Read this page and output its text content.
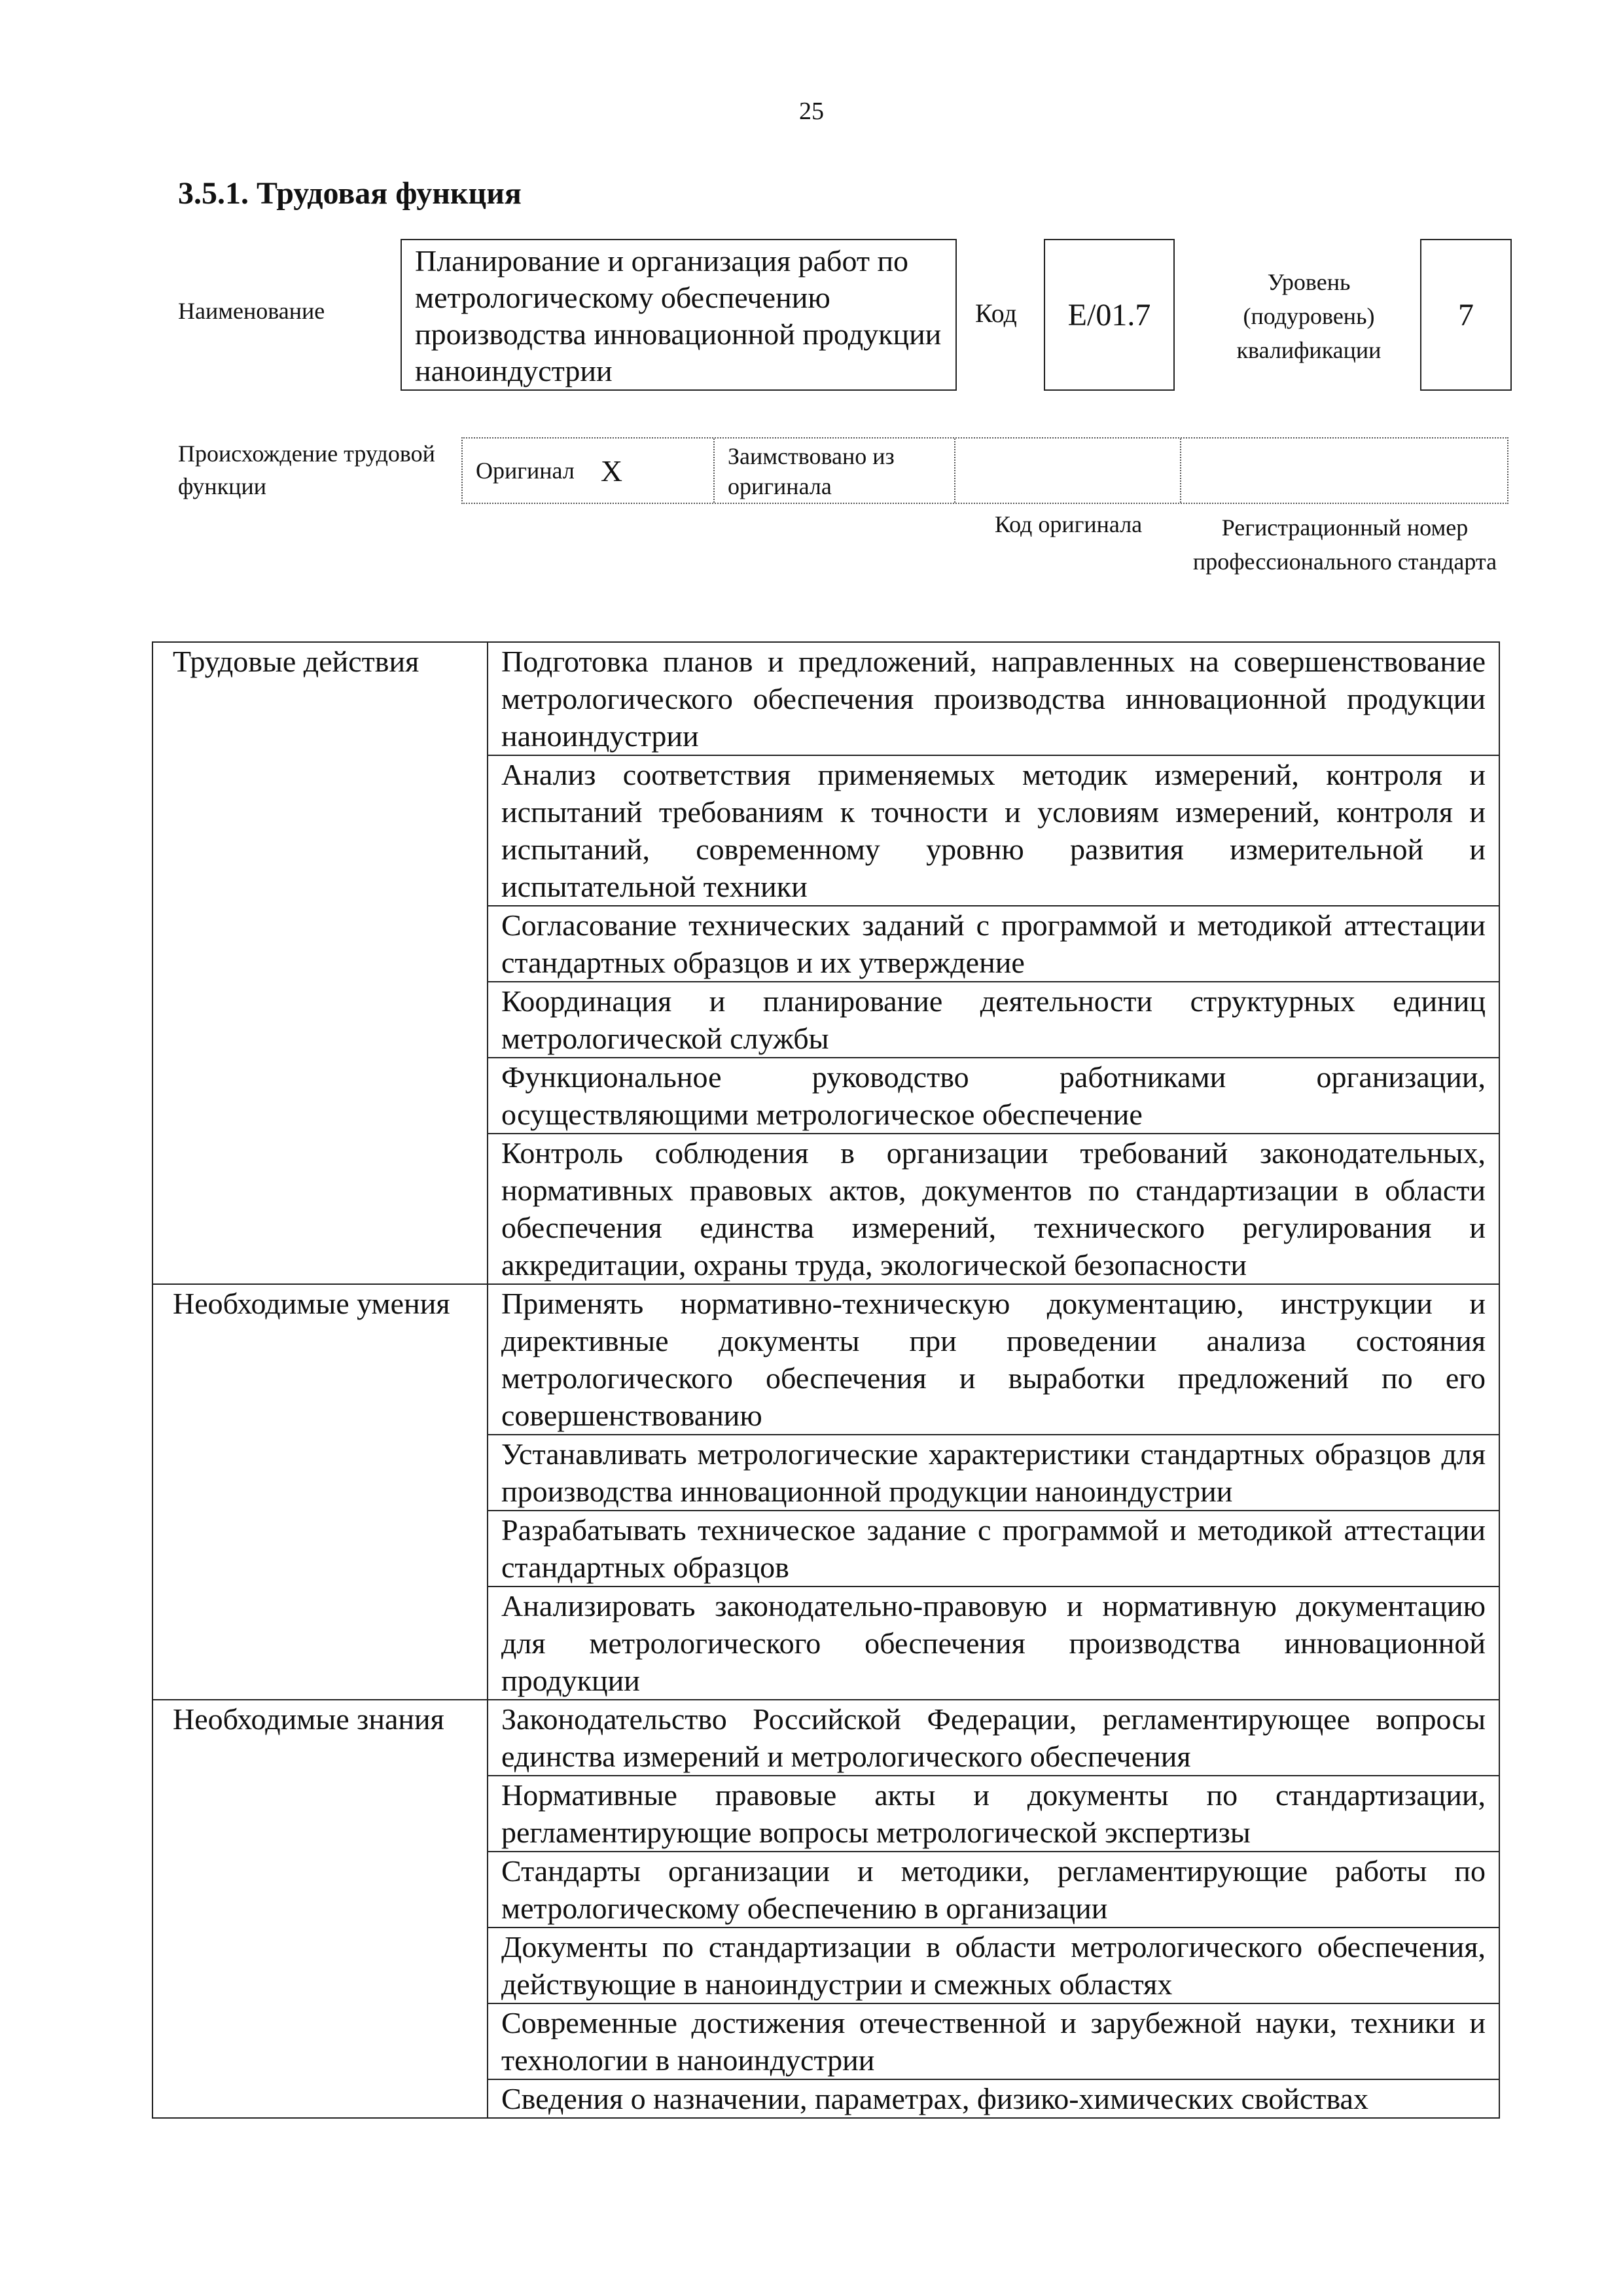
25
3.5.1. Трудовая функция
Наименование
Планирование и организация работ по метрологическому обеспечению производства инновационной продукции наноиндустрии
Код	E/01.7
Уровень (подуровень) квалификации
7
Происхождение трудовой функции
Оригинал X	Заимствовано из оригинала
Код оригинала	Регистрационный номер профессионального стандарта
Трудовые действия	Подготовка планов и предложений, направленных на совершенствование метрологического обеспечения производства инновационной продукции наноиндустрии
	Анализ соответствия применяемых методик измерений, контроля и испытаний требованиям к точности и условиям измерений, контроля и испытаний, современному уровню развития измерительной и испытательной техники
	Согласование технических заданий с программой и методикой аттестации стандартных образцов и их утверждение
	Координация и планирование деятельности структурных единиц метрологической службы
	Функциональное руководство работниками организации, осуществляющими метрологическое обеспечение
	Контроль соблюдения в организации требований законодательных, нормативных правовых актов, документов по стандартизации в области обеспечения единства измерений, технического регулирования и аккредитации, охраны труда, экологической безопасности
Необходимые умения	Применять нормативно-техническую документацию, инструкции и директивные документы при проведении анализа состояния метрологического обеспечения и выработки предложений по его совершенствованию
	Устанавливать метрологические характеристики стандартных образцов для производства инновационной продукции наноиндустрии
	Разрабатывать техническое задание с программой и методикой аттестации стандартных образцов
	Анализировать законодательно-правовую и нормативную документацию для метрологического обеспечения производства инновационной продукции
Необходимые знания	Законодательство Российской Федерации, регламентирующее вопросы единства измерений и метрологического обеспечения
	Нормативные правовые акты и документы по стандартизации, регламентирующие вопросы метрологической экспертизы
	Стандарты организации и методики, регламентирующие работы по метрологическому обеспечению в организации
	Документы по стандартизации в области метрологического обеспечения, действующие в наноиндустрии и смежных областях
	Современные достижения отечественной и зарубежной науки, техники и технологии в наноиндустрии
	Сведения о назначении, параметрах, физико-химических свойствах
